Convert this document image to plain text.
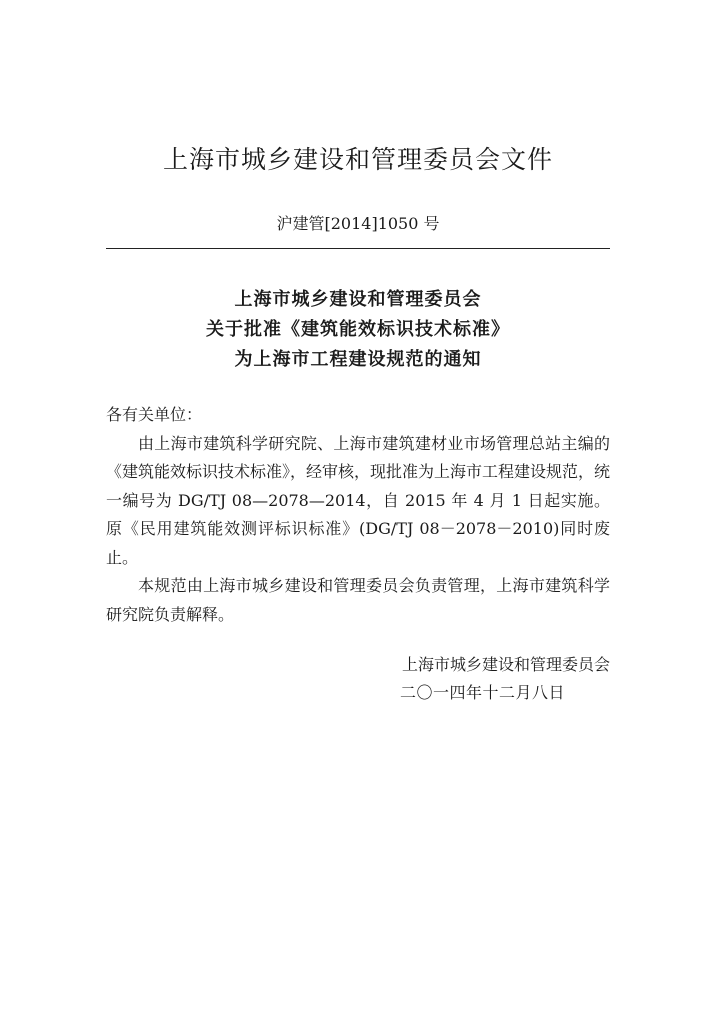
上海市城乡建设和管理委员会文件
沪建管[2014]1050 号
上海市城乡建设和管理委员会
关于批准《建筑能效标识技术标准》
为上海市工程建设规范的通知

各有关单位：

由上海市建筑科学研究院、上海市建筑建材业市场管理总站主编的《建筑能效标识技术标准》，经审核，现批准为上海市工程建设规范，统一编号为 DG/TJ 08—2078—2014，自 2015 年 4 月 1 日起实施。原《民用建筑能效测评标识标准》(DG/TJ 08－2078－2010)同时废止。

本规范由上海市城乡建设和管理委员会负责管理，上海市建筑科学研究院负责解释。

上海市城乡建设和管理委员会
二〇一四年十二月八日
